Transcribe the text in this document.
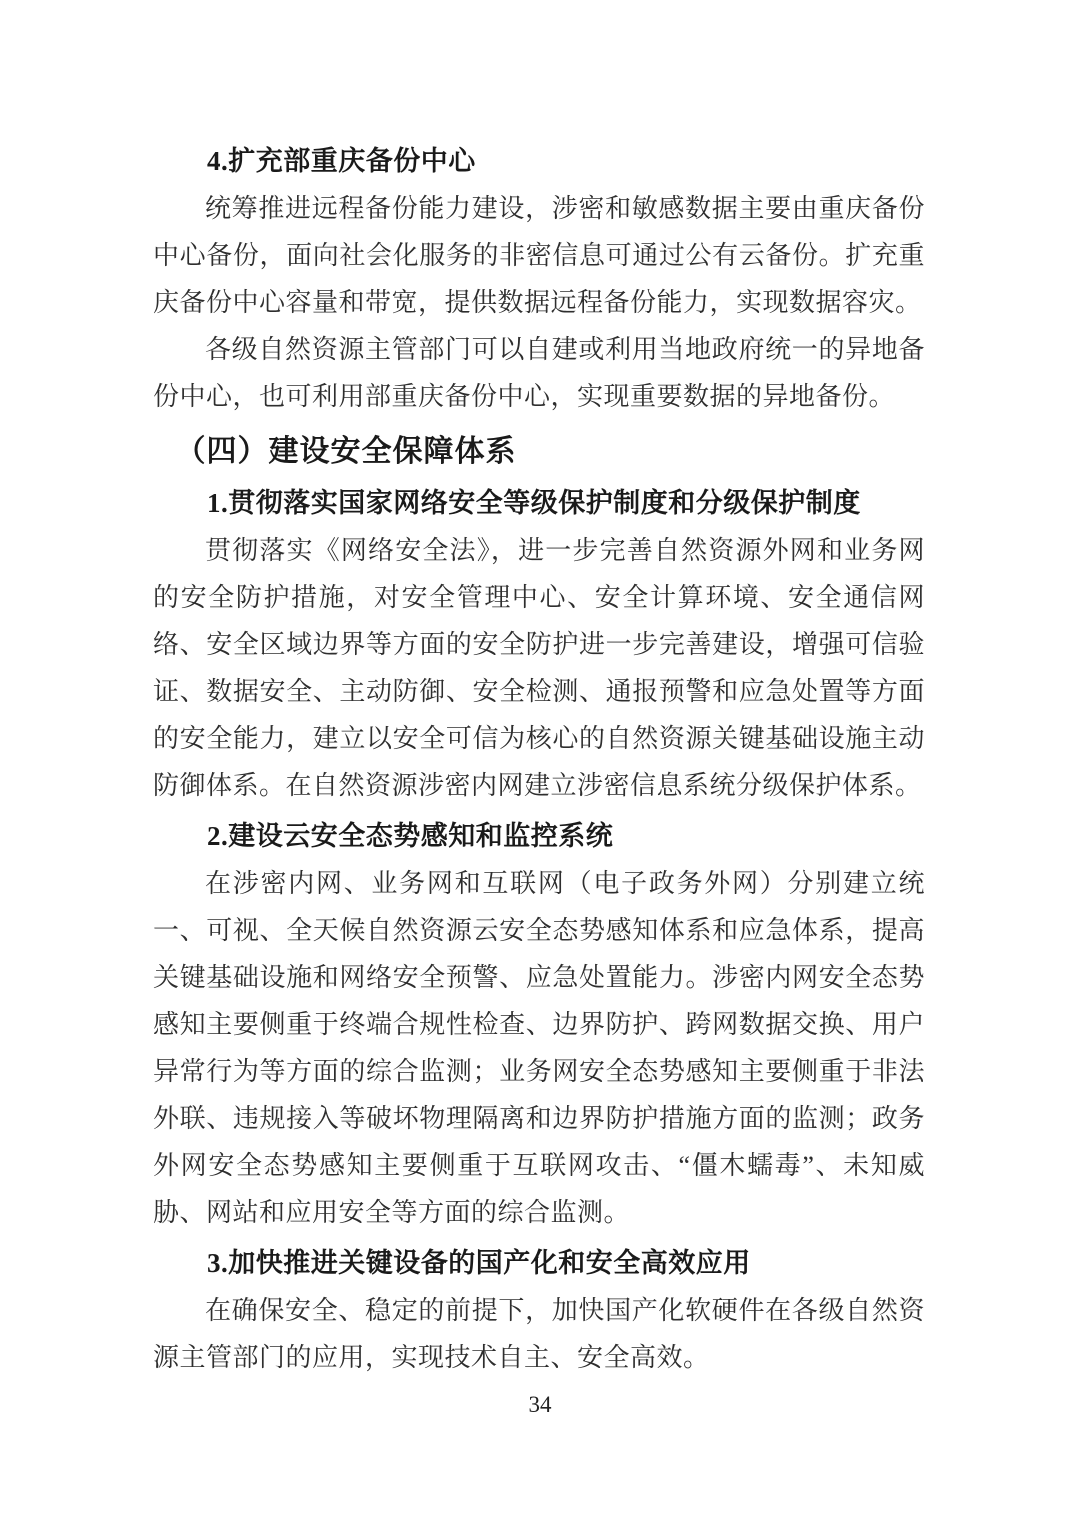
4.扩充部重庆备份中心

统筹推进远程备份能力建设，涉密和敏感数据主要由重庆备份中心备份，面向社会化服务的非密信息可通过公有云备份。扩充重庆备份中心容量和带宽，提供数据远程备份能力，实现数据容灾。

各级自然资源主管部门可以自建或利用当地政府统一的异地备份中心，也可利用部重庆备份中心，实现重要数据的异地备份。

（四）建设安全保障体系
1.贯彻落实国家网络安全等级保护制度和分级保护制度

贯彻落实《网络安全法》，进一步完善自然资源外网和业务网的安全防护措施，对安全管理中心、安全计算环境、安全通信网络、安全区域边界等方面的安全防护进一步完善建设，增强可信验证、数据安全、主动防御、安全检测、通报预警和应急处置等方面的安全能力，建立以安全可信为核心的自然资源关键基础设施主动防御体系。在自然资源涉密内网建立涉密信息系统分级保护体系。

2.建设云安全态势感知和监控系统

在涉密内网、业务网和互联网（电子政务外网）分别建立统一、可视、全天候自然资源云安全态势感知体系和应急体系，提高关键基础设施和网络安全预警、应急处置能力。涉密内网安全态势感知主要侧重于终端合规性检查、边界防护、跨网数据交换、用户异常行为等方面的综合监测；业务网安全态势感知主要侧重于非法外联、违规接入等破坏物理隔离和边界防护措施方面的监测；政务外网安全态势感知主要侧重于互联网攻击、“僵木蠕毒”、未知威胁、网站和应用安全等方面的综合监测。

3.加快推进关键设备的国产化和安全高效应用

在确保安全、稳定的前提下，加快国产化软硬件在各级自然资源主管部门的应用，实现技术自主、安全高效。

34
